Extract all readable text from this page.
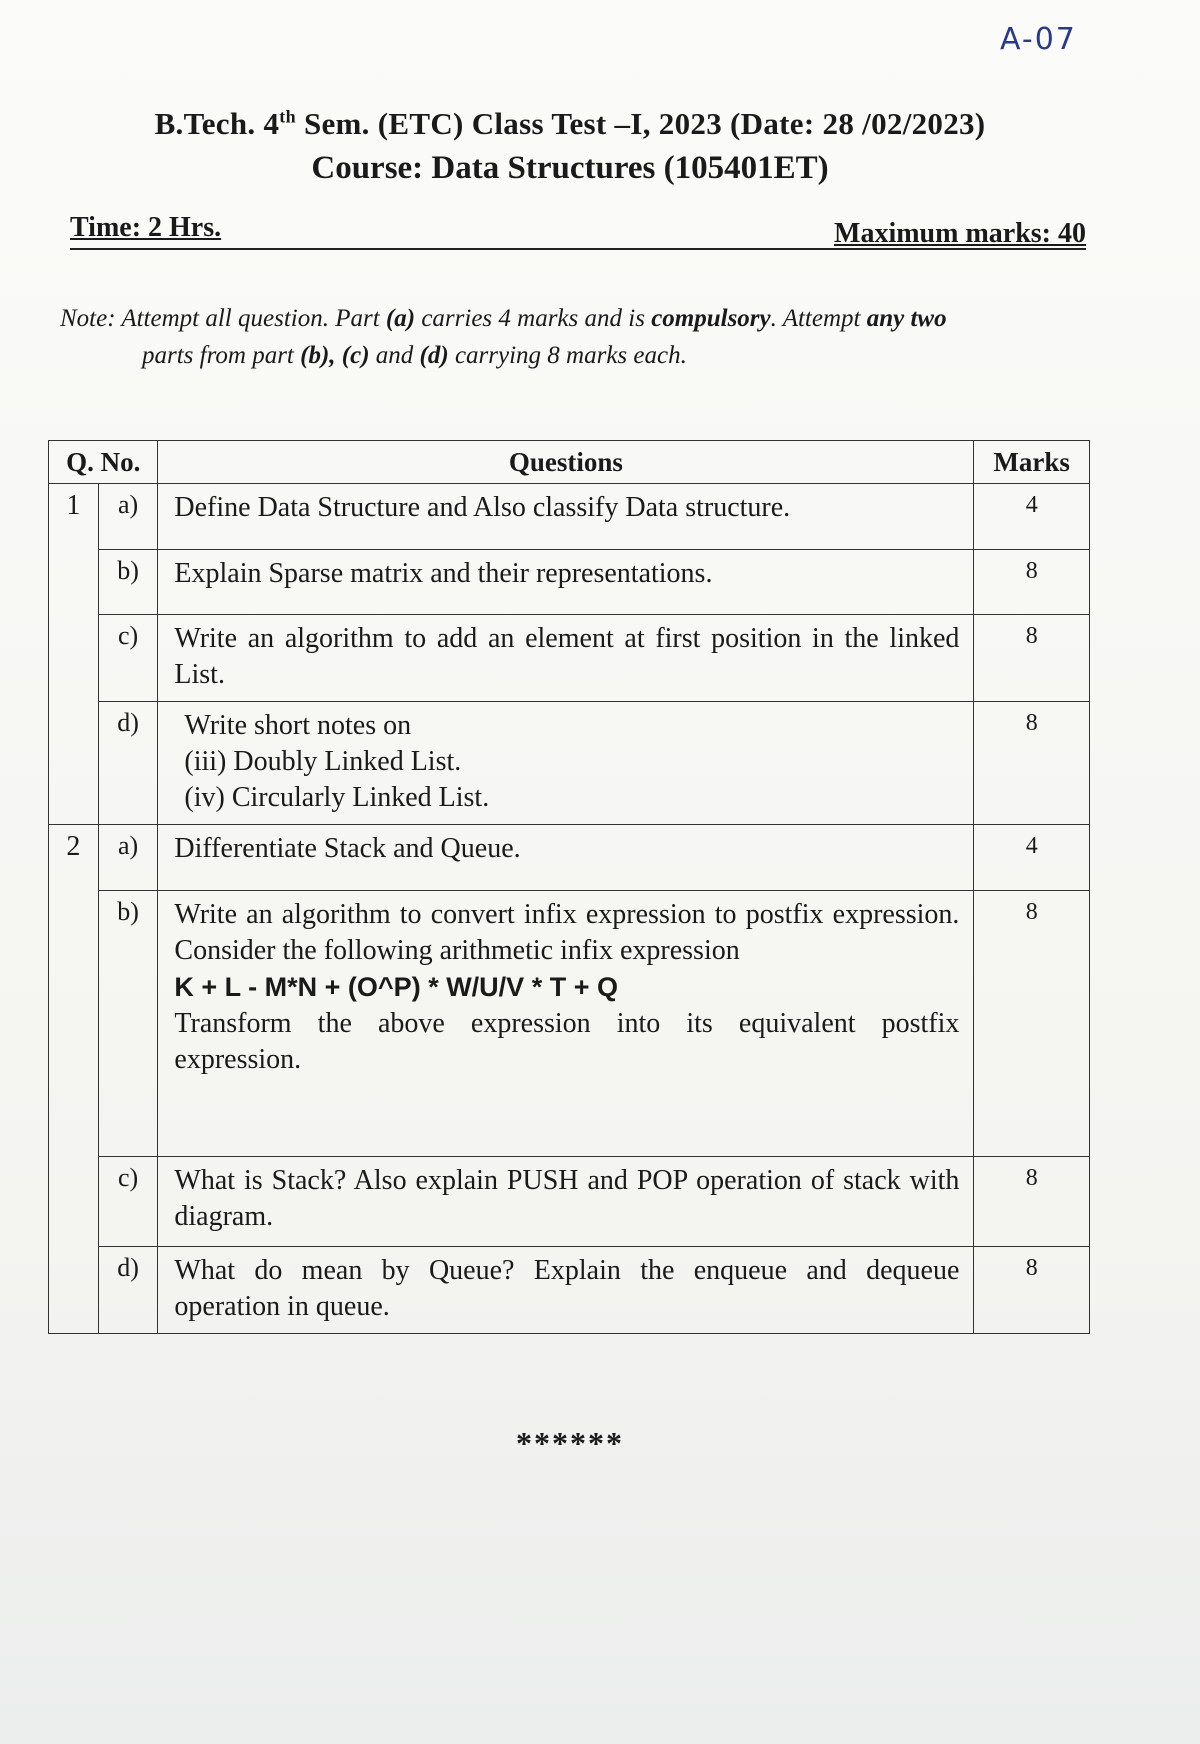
A-07
B.Tech. 4th Sem. (ETC) Class Test –I, 2023 (Date: 28 /02/2023)
Course: Data Structures (105401ET)
Time: 2 Hrs.	Maximum marks: 40
Note: Attempt all question. Part (a) carries 4 marks and is compulsory. Attempt any two
parts from part (b), (c) and (d) carrying 8 marks each.
Q. No.		Questions	Marks
1	a)	Define Data Structure and Also classify Data structure.	4
	b)	Explain Sparse matrix and their representations.	8
	c)	Write an algorithm to add an element at first position in the linked List.	8
	d)	Write short notes on
(iii) Doubly Linked List.
(iv) Circularly Linked List.	8
2	a)	Differentiate Stack and Queue.	4
	b)	Write an algorithm to convert infix expression to postfix expression. Consider the following arithmetic infix expression
K + L - M*N + (O^P) * W/U/V * T + Q
Transform the above expression into its equivalent postfix expression.	8
	c)	What is Stack? Also explain PUSH and POP operation of stack with diagram.	8
	d)	What do mean by Queue? Explain the enqueue and dequeue operation in queue.	8
******
